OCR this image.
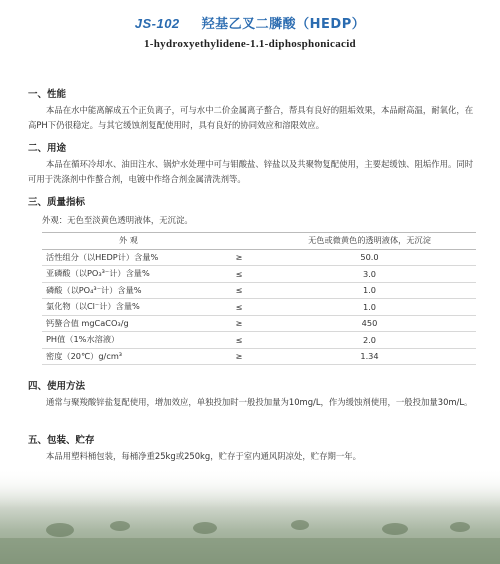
JS-102 羟基乙叉二膦酸（HEDP）
1-hydroxyethylidene-1.1-diphosphonicacid
一、性能
本品在水中能离解成五个正负离子，可与水中二价金属离子螯合，帮具有良好的阻垢效果，本品耐高温，耐氧化，在高PH下仍很稳定。与其它缓蚀剂复配使用时，具有良好的协同效应和溶限效应。
二、用途
本品在循环冷却水、油田注水、锅炉水处理中可与钼酸盐、锌盐以及共聚物复配使用，主要起缓蚀、阻垢作用。同时可用于洗涤剂中作螯合剂，电镀中作络合剂金属清洗剂等。
三、质量指标
外观：无色至淡黄色透明液体，无沉淀。
外 观		无色或微黄色的透明液体，无沉淀
活性组分（以HEDP计）含量%	≥	50.0
亚磷酸（以PO₃³⁻计）含量%	≤	3.0
磷酸（以PO₄³⁻计）含量%	≤	1.0
氯化物（以Cl⁻计）含量%	≤	1.0
钙螯合值 mgCaCO₃/g	≥	450
PH值（1%水溶液）	≤	2.0
密度（20℃）g/cm³	≥	1.34
四、使用方法
通常与聚羧酸锌盐复配使用，增加效应，单独投加时一般投加量为10mg/L，作为缓蚀剂使用，一般投加量30m/L。
五、包装、贮存
本品用塑料桶包装，每桶净重25kg或250kg，贮存于室内通风阴凉处，贮存期一年。
